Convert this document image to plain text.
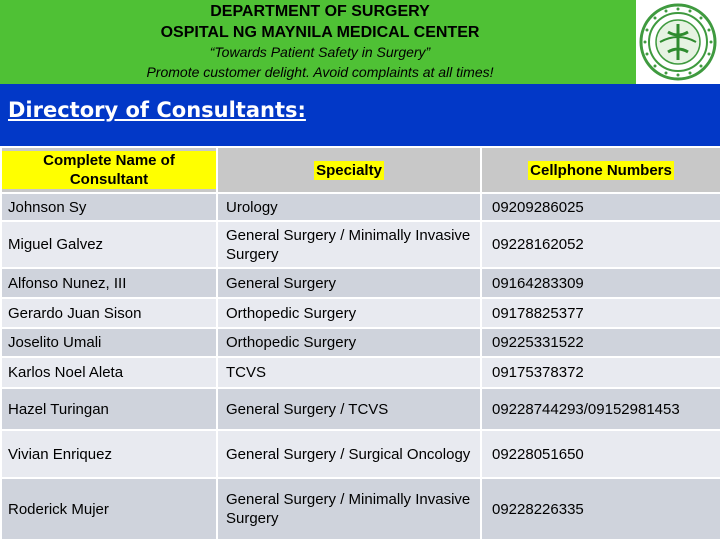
DEPARTMENT OF SURGERY
OSPITAL NG MAYNILA MEDICAL CENTER
“Towards Patient Safety in Surgery”
Promote customer delight. Avoid complaints at all times!
Directory of Consultants:
Complete Name of Consultant	Specialty	Cellphone Numbers
Johnson Sy	Urology	09209286025
Miguel Galvez	General Surgery / Minimally Invasive Surgery	09228162052
Alfonso Nunez, III	General Surgery	09164283309
Gerardo Juan Sison	Orthopedic Surgery	09178825377
Joselito Umali	Orthopedic Surgery	09225331522
Karlos Noel Aleta	TCVS	09175378372
Hazel Turingan	General Surgery / TCVS	09228744293/09152981453
Vivian Enriquez	General Surgery / Surgical Oncology	09228051650
Roderick Mujer	General Surgery / Minimally Invasive Surgery	09228226335
